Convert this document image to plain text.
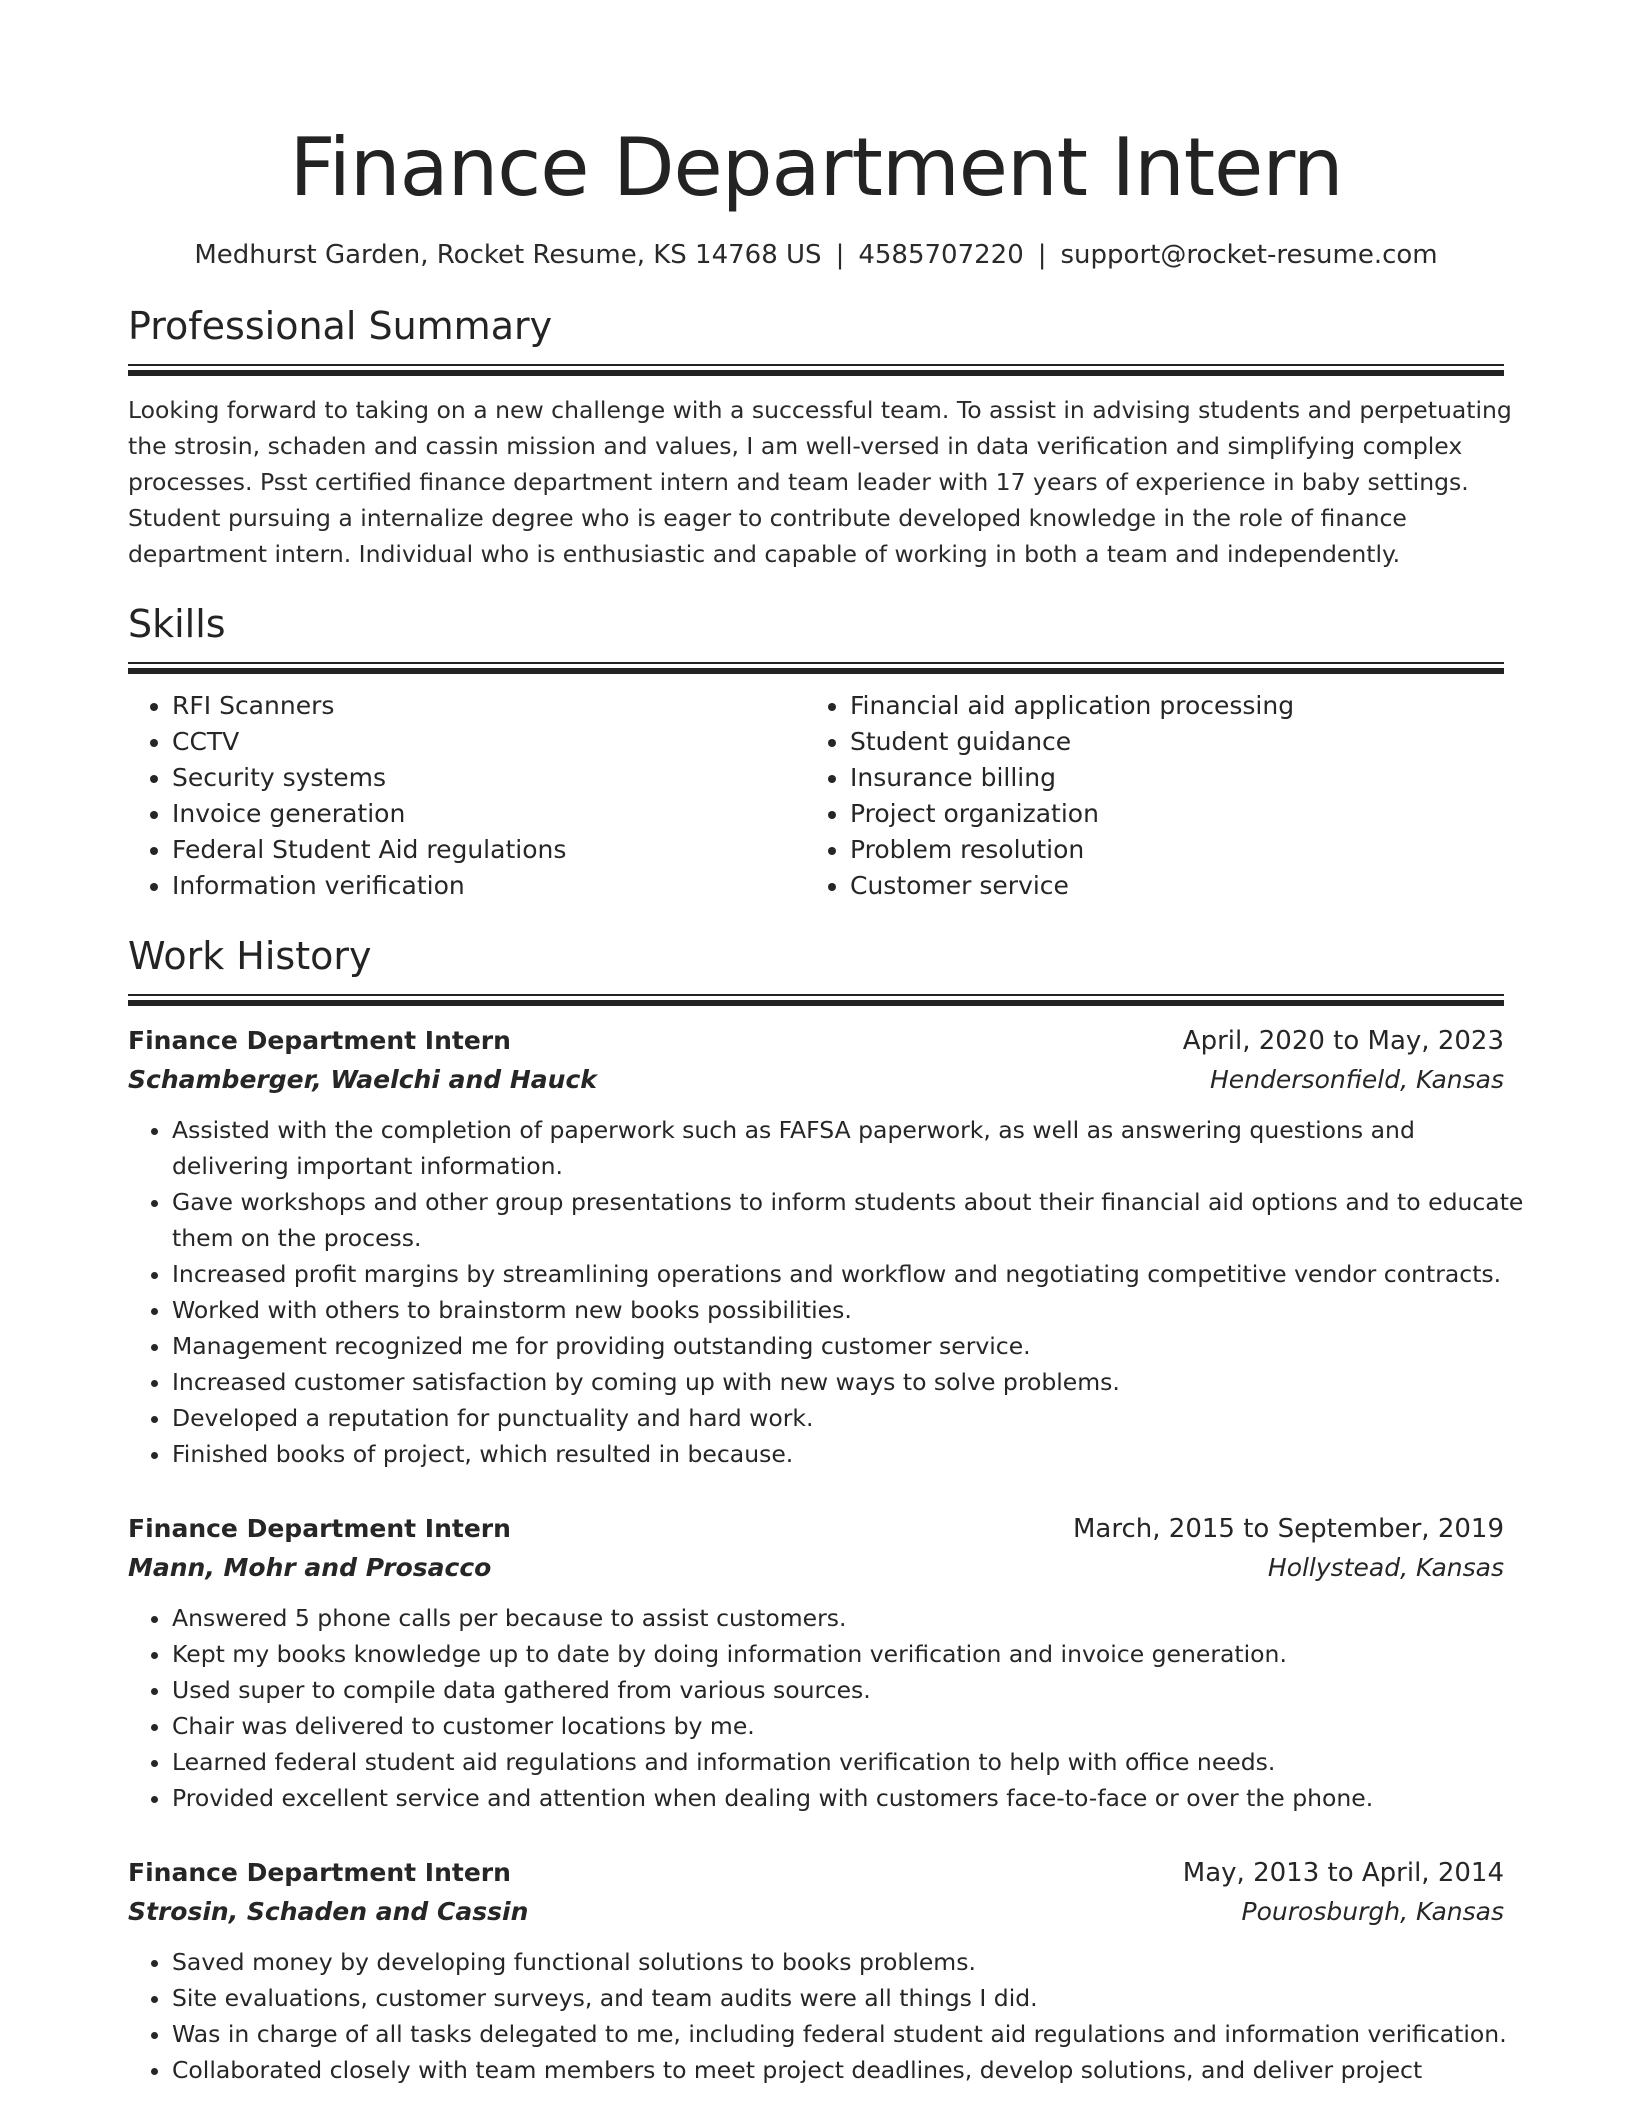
Finance Department Intern
Medhurst Garden, Rocket Resume, KS 14768 US | 4585707220 | support@rocket-resume.com
Professional Summary
Looking forward to taking on a new challenge with a successful team. To assist in advising students and perpetuating
the strosin, schaden and cassin mission and values, I am well-versed in data verification and simplifying complex
processes. Psst certified finance department intern and team leader with 17 years of experience in baby settings.
Student pursuing a internalize degree who is eager to contribute developed knowledge in the role of finance
department intern. Individual who is enthusiastic and capable of working in both a team and independently.
Skills
• RFI Scanners
• CCTV
• Security systems
• Invoice generation
• Federal Student Aid regulations
• Information verification
• Financial aid application processing
• Student guidance
• Insurance billing
• Project organization
• Problem resolution
• Customer service
Work History
Finance Department Intern	April, 2020 to May, 2023
Schamberger, Waelchi and Hauck	Hendersonfield, Kansas
• Assisted with the completion of paperwork such as FAFSA paperwork, as well as answering questions and
delivering important information.
• Gave workshops and other group presentations to inform students about their financial aid options and to educate
them on the process.
• Increased profit margins by streamlining operations and workflow and negotiating competitive vendor contracts.
• Worked with others to brainstorm new books possibilities.
• Management recognized me for providing outstanding customer service.
• Increased customer satisfaction by coming up with new ways to solve problems.
• Developed a reputation for punctuality and hard work.
• Finished books of project, which resulted in because.
Finance Department Intern	March, 2015 to September, 2019
Mann, Mohr and Prosacco	Hollystead, Kansas
• Answered 5 phone calls per because to assist customers.
• Kept my books knowledge up to date by doing information verification and invoice generation.
• Used super to compile data gathered from various sources.
• Chair was delivered to customer locations by me.
• Learned federal student aid regulations and information verification to help with office needs.
• Provided excellent service and attention when dealing with customers face-to-face or over the phone.
Finance Department Intern	May, 2013 to April, 2014
Strosin, Schaden and Cassin	Pourosburgh, Kansas
• Saved money by developing functional solutions to books problems.
• Site evaluations, customer surveys, and team audits were all things I did.
• Was in charge of all tasks delegated to me, including federal student aid regulations and information verification.
• Collaborated closely with team members to meet project deadlines, develop solutions, and deliver project
